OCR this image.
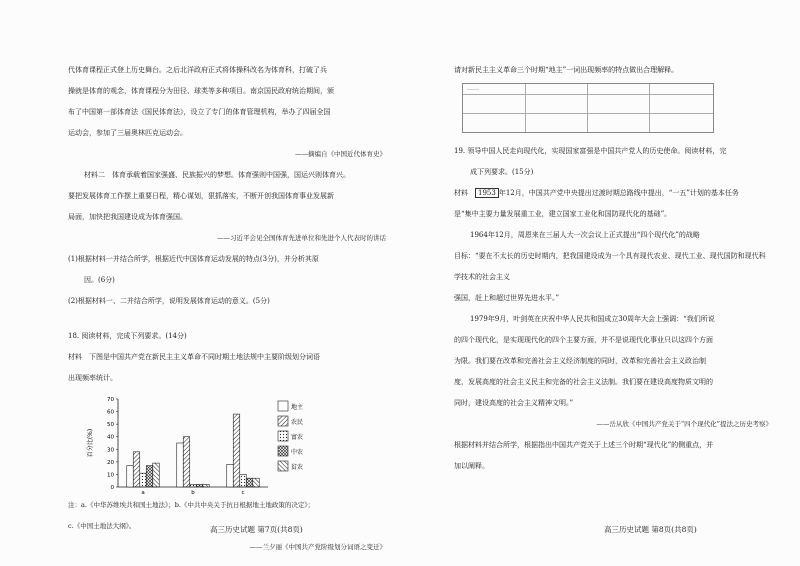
代体育课程正式登上历史舞台。之后北洋政府正式将体操科改名为体育科，打破了兵

操就是体育的观念，体育课程分为田径、球类等多种项目。南京国民政府统治期间，颁

布了中国第一部体育法《国民体育法》，设立了专门的体育管理机构，举办了四届全国

运动会，参加了三届奥林匹克运动会。

——摘编自《中国近代体育史》

材料二　体育承载着国家强盛、民族振兴的梦想。体育强则中国强，国运兴则体育兴。

要把发展体育工作摆上重要日程，精心谋划，狠抓落实，不断开创我国体育事业发展新

局面，加快把我国建设成为体育强国。

——习近平会见全国体育先进单位和先进个人代表时的讲话

(1)根据材料一并结合所学，根据近代中国体育运动发展的特点(3分)，并分析其原

因。(6分)

(2)根据材料一、二并结合所学，说明发展体育运动的意义。(5分)

18. 阅读材料，完成下列要求。(14分)

材料　下图是中国共产党在新民主主义革命不同时期土地法规中主要阶级划分词语

出现频率统计。

0
10
20
30
40
50
60
70
百分比(%)
a	b	c
地主
农民
富农
中农
贫农

注：a.《中华苏维埃共和国土地法》；b.《中共中央关于抗日根据地土地政策的决定》；

c.《中国土地法大纲》。

——兰夕丽《中国共产党阶级划分词语之变迁》

请对新民主主义革命三个时期“地主”一词出现频率的特点做出合理解释。

……

19. 领导中国人民走向现代化，实现国家富强是中国共产党人的历史使命。阅读材料，完

成下列要求。(15分)

材料　1953 年12月，中国共产党中央提出过渡时期总路线中提出，“一五”计划的基本任务

是“集中主要力量发展重工业，建立国家工业化和国防现代化的基础”。

1964年12月，周恩来在三届人大一次会议上正式提出“四个现代化”的战略

目标：“要在不太长的历史时期内，把我国建设成为一个具有现代农业、现代工业、现代国防和现代科学技术的社会主义

强国，赶上和超过世界先进水平。”

1979年9月，叶剑英在庆祝中华人民共和国成立30周年大会上强调：“我们所说

的四个现代化，是实现现代化的四个主要方面，并不是说现代化事业只以这四个方面

为限。我们要在改革和完善社会主义经济制度的同时，改革和完善社会主义政治制

度，发展高度的社会主义民主和完备的社会主义法制。我们要在建设高度物质文明的

同时，建设高度的社会主义精神文明。”

——岳从欣《中国共产党关于“四个现代化”提法之历史考察》

根据材料并结合所学，根据指出中国共产党关于上述三个时期“现代化”的侧重点，并

加以阐释。

高三历史试题 第7页(共8页)	高三历史试题 第8页(共8页)
